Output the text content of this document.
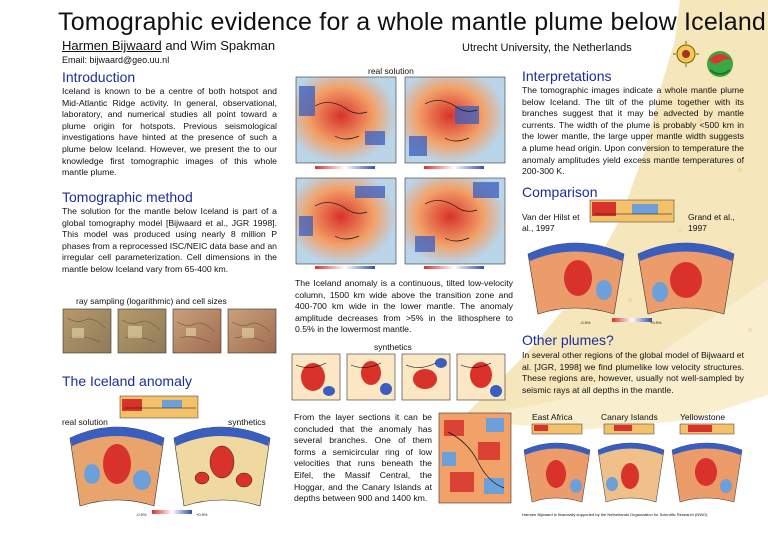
Tomographic evidence for a whole mantle plume below Iceland
Harmen Bijwaard and Wim Spakman
Email: bijwaard@geo.uu.nl
Utrecht University, the Netherlands
Introduction
Iceland is known to be a centre of both hotspot and Mid-Atlantic Ridge activity. In general, observational, laboratory, and numerical studies all point toward a plume origin for hotspots. Previous seismological investigations have hinted at the presence of such a plume below Iceland. However, we present the to our knowledge first tomographic images of this whole mantle plume.
Tomographic method
The solution for the mantle below Iceland is part of a global tomography model [Bijwaard et al., JGR 1998]. This model was produced using nearly 8 million P phases from a reprocessed ISC/NEIC data base and an irregular cell parameterization. Cell dimensions in the mantle below Iceland vary from 65-400 km.
ray sampling (logarithmic) and cell sizes
The Iceland anomaly
real solution	synthetics
-0.5%	+0.5%
real solution
The Iceland anomaly is a continuous, tilted low-velocity column, 1500 km wide above the transition zone and 400-700 km wide in the lower mantle. The anomaly amplitude decreases from >5% in the lithosphere to 0.5% in the lowermost mantle.
synthetics
From the layer sections it can be concluded that the anomaly has several branches. One of them forms a semicircular ring of low velocities that runs beneath the Eifel, the Massif Central, the Hoggar, and the Canary Islands at depths between 900 and 1400 km.
Interpretations
The tomographic images indicate a whole mantle plume below Iceland. The tilt of the plume together with its branches suggest that it may be advected by mantle currents. The width of the plume is probably <500 km in the lower mantle, the large upper mantle width suggests a plume head origin. Upon conversion to temperature the anomaly amplitudes yield excess mantle temperatures of 200-300 K.
Comparison
Van der Hilst et al., 1997
Grand et al., 1997
-0.5%	+0.5%
Other plumes?
In several other regions of the global model of Bijwaard et al. [JGR, 1998] we find plumelike low velocity structures. These regions are, however, usually not well-sampled by seismic rays at all depths in the mantle.
East Africa	Canary Islands	Yellowstone
Harmen Bijwaard is financially supported by the Netherlands Organization for Scientific Research (NWO)
